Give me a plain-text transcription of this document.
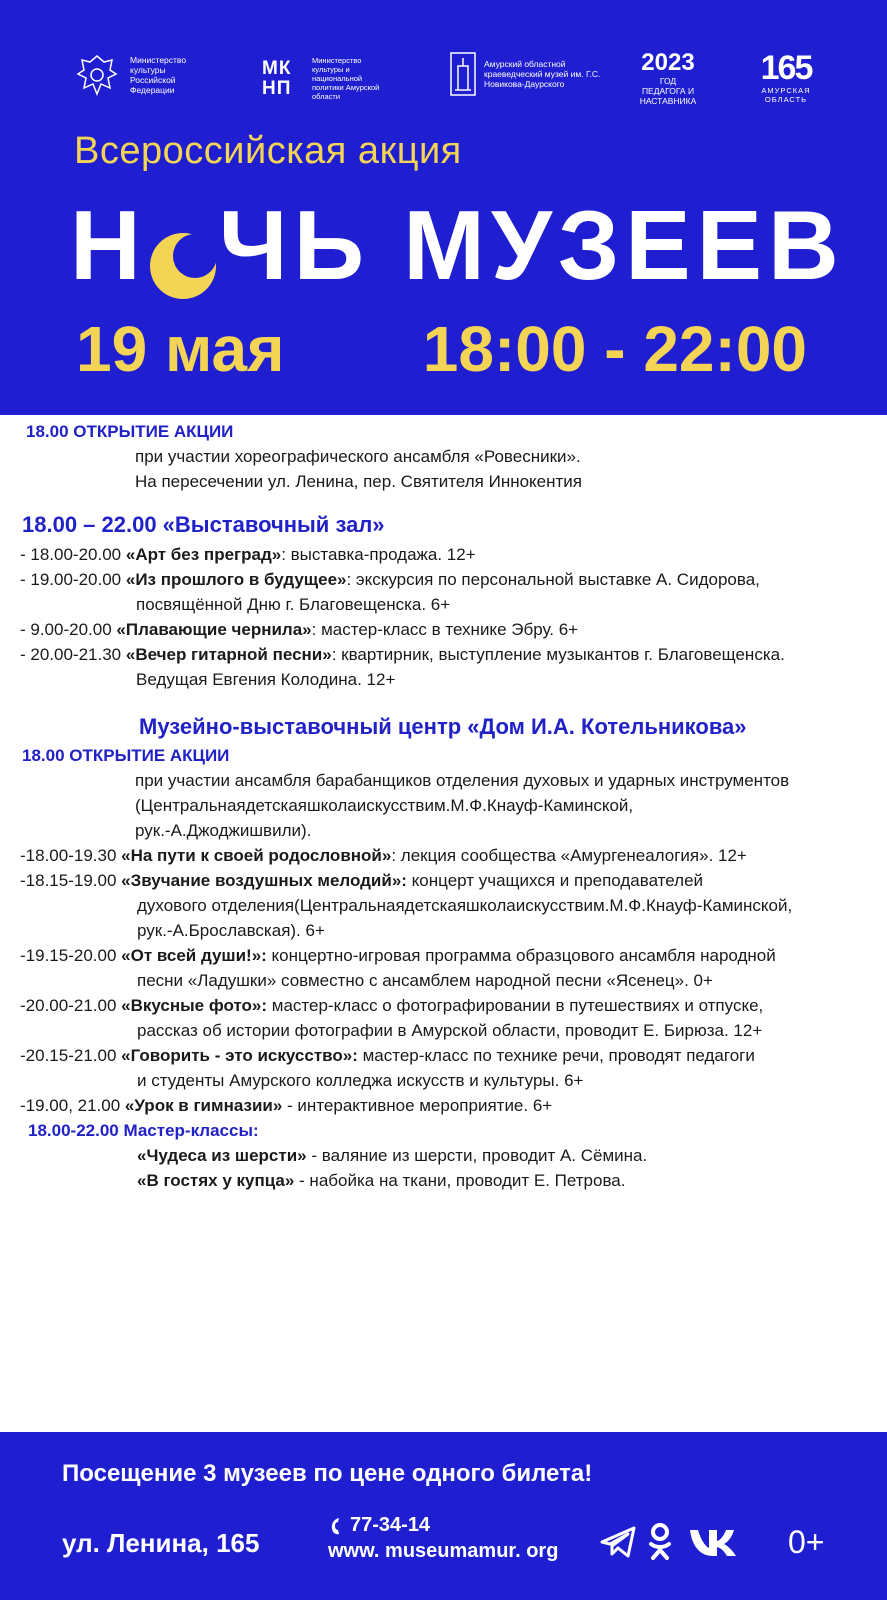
Министерство культуры Российской Федерации
МК НП
Министерство культуры и национальной политики Амурской области
Амурский областной краеведческий музей им. Г.С. Новикова-Даурского
2023
ГОД ПЕДАГОГА И НАСТАВНИКА
165
АМУРСКАЯ ОБЛАСТЬ
Всероссийская акция
Н ЧЬ МУЗЕЕВ
19 мая 18:00 - 22:00
18.00 ОТКРЫТИЕ АКЦИИ
при участии хореографического ансамбля «Ровесники».
На пересечении ул. Ленина, пер. Святителя Иннокентия
18.00 – 22.00 «Выставочный зал»
- 18.00-20.00 «Арт без преград»: выставка-продажа. 12+
- 19.00-20.00 «Из прошлого в будущее»: экскурсия по персональной выставке А. Сидорова,
посвящённой Дню г. Благовещенска. 6+
- 9.00-20.00 «Плавающие чернила»: мастер-класс в технике Эбру. 6+
- 20.00-21.30 «Вечер гитарной песни»: квартирник, выступление музыкантов г. Благовещенска.
Ведущая Евгения Колодина. 12+
Музейно-выставочный центр «Дом И.А. Котельникова»
18.00 ОТКРЫТИЕ АКЦИИ
при участии ансамбля барабанщиков отделения духовых и ударных инструментов
(Центральнаядетскаяшколаискусствим.М.Ф.Кнауф-Каминской,
рук.-А.Джоджишвили).
-18.00-19.30 «На пути к своей родословной»: лекция сообщества «Амургенеалогия». 12+
-18.15-19.00 «Звучание воздушных мелодий»: концерт учащихся и преподавателей
духового отделения(Центральнаядетскаяшколаискусствим.М.Ф.Кнауф-Каминской,
рук.-А.Брославская). 6+
-19.15-20.00 «От всей души!»: концертно-игровая программа образцового ансамбля народной
песни «Ладушки» совместно с ансамблем народной песни «Ясенец». 0+
-20.00-21.00 «Вкусные фото»: мастер-класс о фотографировании в путешествиях и отпуске,
рассказ об истории фотографии в Амурской области, проводит Е. Бирюза. 12+
-20.15-21.00 «Говорить - это искусство»: мастер-класс по технике речи, проводят педагоги
и студенты Амурского колледжа искусств и культуры. 6+
-19.00, 21.00 «Урок в гимназии» - интерактивное мероприятие. 6+
18.00-22.00 Мастер-классы:
«Чудеса из шерсти» - валяние из шерсти, проводит А. Сёмина.
«В гостях у купца» - набойка на ткани, проводит Е. Петрова.
Посещение 3 музеев по цене одного билета!
ул. Ленина, 165
77-34-14
www. museumamur. org	0+
